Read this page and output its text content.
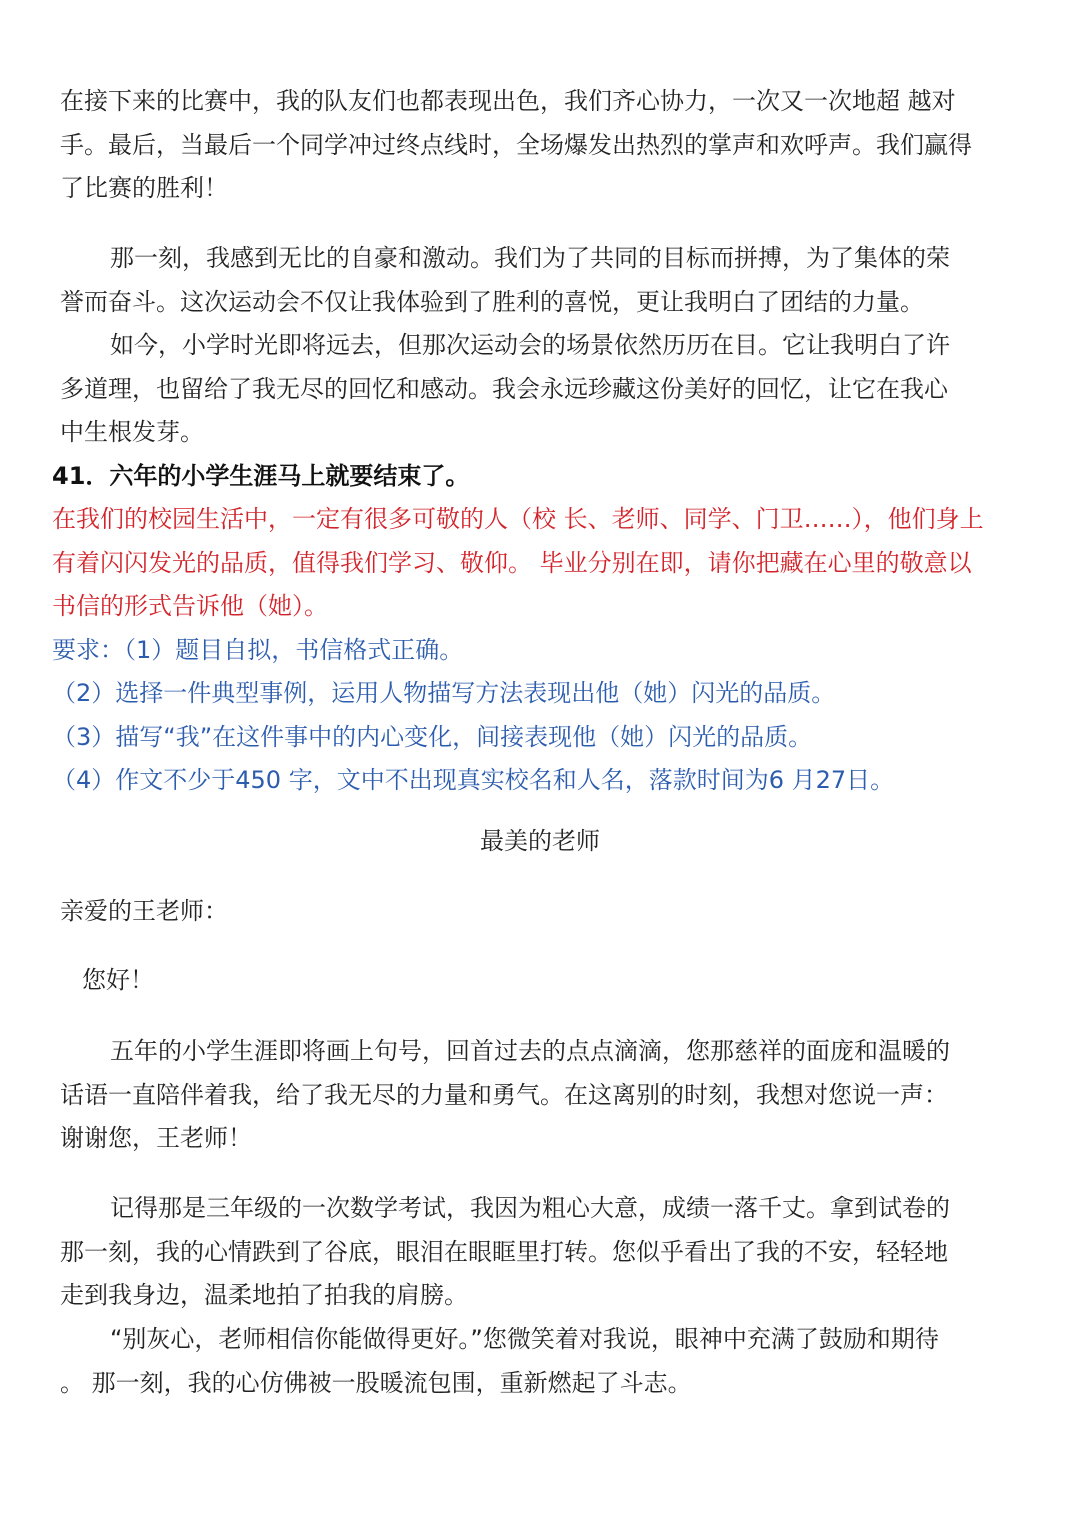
在接下来的比赛中，我的队友们也都表现出色，我们齐心协力，一次又一次地超 越对
手。最后，当最后一个同学冲过终点线时，全场爆发出热烈的掌声和欢呼声。我们赢得
了比赛的胜利！
那一刻，我感到无比的自豪和激动。我们为了共同的目标而拼搏，为了集体的荣
誉而奋斗。这次运动会不仅让我体验到了胜利的喜悦，更让我明白了团结的力量。
如今，小学时光即将远去，但那次运动会的场景依然历历在目。它让我明白了许
多道理，也留给了我无尽的回忆和感动。我会永远珍藏这份美好的回忆，让它在我心
中生根发芽。
41．六年的小学生涯马上就要结束了。
在我们的校园生活中，一定有很多可敬的人（校 长、老师、同学、门卫……），他们身上
有着闪闪发光的品质，值得我们学习、敬仰。 毕业分别在即，请你把藏在心里的敬意以
书信的形式告诉他（她）。
要求：（1）题目自拟，书信格式正确。
（2）选择一件典型事例，运用人物描写方法表现出他（她）闪光的品质。
（3）描写“我”在这件事中的内心变化，间接表现他（她）闪光的品质。
（4）作文不少于450 字，文中不出现真实校名和人名，落款时间为6 月27日。
最美的老师
亲爱的王老师：
您好！
五年的小学生涯即将画上句号，回首过去的点点滴滴，您那慈祥的面庞和温暖的
话语一直陪伴着我，给了我无尽的力量和勇气。在这离别的时刻，我想对您说一声：
谢谢您，王老师！
记得那是三年级的一次数学考试，我因为粗心大意，成绩一落千丈。拿到试卷的
那一刻，我的心情跌到了谷底，眼泪在眼眶里打转。您似乎看出了我的不安，轻轻地
走到我身边，温柔地拍了拍我的肩膀。
“别灰心，老师相信你能做得更好。”您微笑着对我说，眼神中充满了鼓励和期待
。 那一刻，我的心仿佛被一股暖流包围，重新燃起了斗志。
